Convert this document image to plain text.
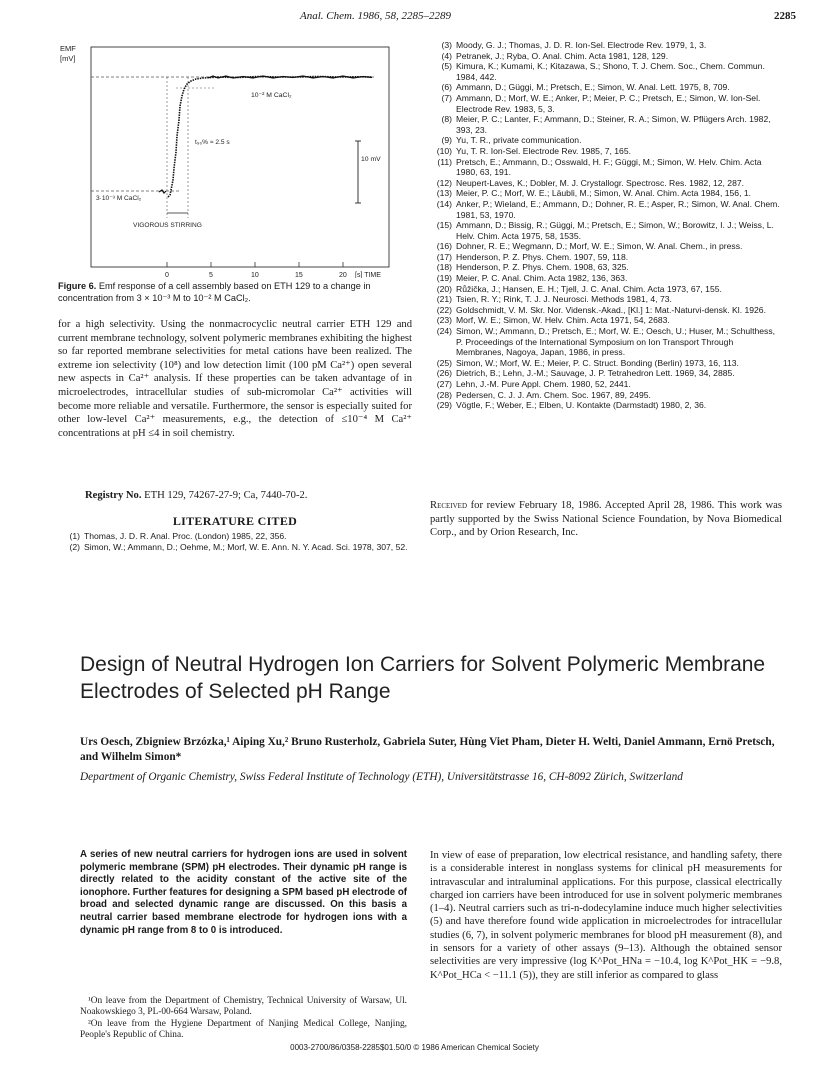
Anal. Chem. 1986, 58, 2285–2289	2285
EMF
[mV]
10⁻² M CaCl₂
t₉₀% ≈ 2.5 s
10 mV
3·10⁻³ M CaCl₂
VIGOROUS STIRRING
0	5	10	15	20 [s] TIME
Figure 6. Emf response of a cell assembly based on ETH 129 to a change in concentration from 3 × 10⁻³ M to 10⁻² M CaCl₂.
for a high selectivity. Using the nonmacrocyclic neutral carrier ETH 129 and current membrane technology, solvent polymeric membranes exhibiting the highest so far reported membrane selectivities for metal cations have been realized. The extreme ion selectivity (10⁸) and low detection limit (100 pM Ca²⁺) open several new aspects in Ca²⁺ analysis. If these properties can be taken advantage of in microelectrodes, intracellular studies of sub-micromolar Ca²⁺ activities will become more reliable and versatile. Furthermore, the sensor is especially suited for other low-level Ca²⁺ measurements, e.g., the detection of ≤10⁻⁴ M Ca²⁺ concentrations at pH ≤4 in soil chemistry.
Registry No. ETH 129, 74267-27-9; Ca, 7440-70-2.
LITERATURE CITED
(1) Thomas, J. D. R. Anal. Proc. (London) 1985, 22, 356.
(2) Simon, W.; Ammann, D.; Oehme, M.; Morf, W. E. Ann. N. Y. Acad. Sci. 1978, 307, 52.
(3) Moody, G. J.; Thomas, J. D. R. Ion-Sel. Electrode Rev. 1979, 1, 3.
(4) Petranek, J.; Ryba, O. Anal. Chim. Acta 1981, 128, 129.
(5) Kimura, K.; Kumami, K.; Kitazawa, S.; Shono, T. J. Chem. Soc., Chem. Commun. 1984, 442.
(6) Ammann, D.; Güggi, M.; Pretsch, E.; Simon, W. Anal. Lett. 1975, 8, 709.
(7) Ammann, D.; Morf, W. E.; Anker, P.; Meier, P. C.; Pretsch, E.; Simon, W. Ion-Sel. Electrode Rev. 1983, 5, 3.
(8) Meier, P. C.; Lanter, F.; Ammann, D.; Steiner, R. A.; Simon, W. Pflügers Arch. 1982, 393, 23.
(9) Yu, T. R., private communication.
(10) Yu, T. R. Ion-Sel. Electrode Rev. 1985, 7, 165.
(11) Pretsch, E.; Ammann, D.; Osswald, H. F.; Güggi, M.; Simon, W. Helv. Chim. Acta 1980, 63, 191.
(12) Neupert-Laves, K.; Dobler, M. J. Crystallogr. Spectrosc. Res. 1982, 12, 287.
(13) Meier, P. C.; Morf, W. E.; Läubli, M.; Simon, W. Anal. Chim. Acta 1984, 156, 1.
(14) Anker, P.; Wieland, E.; Ammann, D.; Dohner, R. E.; Asper, R.; Simon, W. Anal. Chem. 1981, 53, 1970.
(15) Ammann, D.; Bissig, R.; Güggi, M.; Pretsch, E.; Simon, W.; Borowitz, I. J.; Weiss, L. Helv. Chim. Acta 1975, 58, 1535.
(16) Dohner, R. E.; Wegmann, D.; Morf, W. E.; Simon, W. Anal. Chem., in press.
(17) Henderson, P. Z. Phys. Chem. 1907, 59, 118.
(18) Henderson, P. Z. Phys. Chem. 1908, 63, 325.
(19) Meier, P. C. Anal. Chim. Acta 1982, 136, 363.
(20) Růžička, J.; Hansen, E. H.; Tjell, J. C. Anal. Chim. Acta 1973, 67, 155.
(21) Tsien, R. Y.; Rink, T. J. J. Neurosci. Methods 1981, 4, 73.
(22) Goldschmidt, V. M. Skr. Nor. Vidensk.-Akad., [Kl.] 1: Mat.-Naturvi-densk. Kl. 1926.
(23) Morf, W. E.; Simon, W. Helv. Chim. Acta 1971, 54, 2683.
(24) Simon, W.; Ammann, D.; Pretsch, E.; Morf, W. E.; Oesch, U.; Huser, M.; Schulthess, P. Proceedings of the International Symposium on Ion Transport Through Membranes, Nagoya, Japan, 1986, in press.
(25) Simon, W.; Morf, W. E.; Meier, P. C. Struct. Bonding (Berlin) 1973, 16, 113.
(26) Dietrich, B.; Lehn, J.-M.; Sauvage, J. P. Tetrahedron Lett. 1969, 34, 2885.
(27) Lehn, J.-M. Pure Appl. Chem. 1980, 52, 2441.
(28) Pedersen, C. J. J. Am. Chem. Soc. 1967, 89, 2495.
(29) Vögtle, F.; Weber, E.; Elben, U. Kontakte (Darmstadt) 1980, 2, 36.
Received for review February 18, 1986. Accepted April 28, 1986. This work was partly supported by the Swiss National Science Foundation, by Nova Biomedical Corp., and by Orion Research, Inc.
Design of Neutral Hydrogen Ion Carriers for Solvent Polymeric Membrane Electrodes of Selected pH Range
Urs Oesch, Zbigniew Brzózka,¹ Aiping Xu,² Bruno Rusterholz, Gabriela Suter, Hùng Viet Pham, Dieter H. Welti, Daniel Ammann, Ernö Pretsch, and Wilhelm Simon*
Department of Organic Chemistry, Swiss Federal Institute of Technology (ETH), Universitätstrasse 16, CH-8092 Zürich, Switzerland
A series of new neutral carriers for hydrogen ions are used in solvent polymeric membrane (SPM) pH electrodes. Their dynamic pH range is directly related to the acidity constant of the active site of the ionophore. Further features for designing a SPM based pH electrode of broad and selected dynamic range are discussed. On this basis a neutral carrier based membrane electrode for hydrogen ions with a dynamic pH range from 8 to 0 is introduced.

¹On leave from the Department of Chemistry, Technical University of Warsaw, Ul. Noakowskiego 3, PL-00-664 Warsaw, Poland.

²On leave from the Hygiene Department of Nanjing Medical College, Nanjing, People's Republic of China.

In view of ease of preparation, low electrical resistance, and handling safety, there is a considerable interest in nonglass systems for clinical pH measurements for intravascular and intraluminal applications. For this purpose, classical electrically charged ion carriers have been introduced for use in solvent polymeric membranes (1–4). Neutral carriers such as tri-n-dodecylamine induce much higher selectivities (5) and have therefore found wide application in microelectrodes for intracellular studies (6, 7), in solvent polymeric membranes for blood pH measurement (8), and in sensors for a variety of other assays (9–13). Although the obtained sensor selectivities are very impressive (log K^Pot_HNa = −10.4, log K^Pot_HK = −9.8, K^Pot_HCa < −11.1 (5)), they are still inferior as compared to glass
0003-2700/86/0358-2285$01.50/0 © 1986 American Chemical Society
